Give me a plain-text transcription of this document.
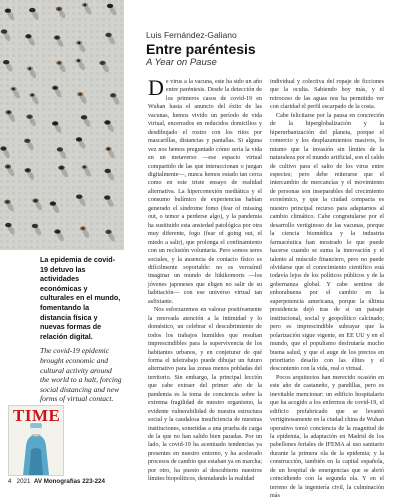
Luis Fernández-Galiano

Entre paréntesis

A Year on Pause

La epidemia de covid-19 detuvo las actividades económicas y culturales en el mundo, fomentando la distancia física y nuevas formas de relación digital.

The covid-19 epidemic brought economic and cultural activity around the world to a halt, forcing social distancing and new forms of virtual contact.

TIME

De virus a la vacuna, este ha sido un año entre paréntesis. Desde la detección de los primeros casos de covid-19 en Wuhan hasta el anuncio del éxito de las vacunas, hemos vivido un período de vida virtual, encerrados en reducidos domicilios y desdibujado el rostro con los ritos por mascarillas, distancias y pantallas. Si alguna vez nos hemos preguntado cómo sería la vida en un metaverso —ese espacio virtual compartido de las que interaccionan o juegan digitalmente—, nunca hemos estado tan cerca como en este triste ensayo de realidad alternativa. La hiperconexión mediática y el consumo bulímico de experiencias habían generado el síndrome fomo (fear of missing out, o temor a perderse algo), y la pandemia ha sustituido esta ansiedad patológica por otra muy diferente, fogo (fear of going out, el miedo a salir), que prolonga el confinamiento con un reclusión voluntaria. Pero somos seres sociales, y la ausencia de contacto físico es difícilmente soportable: no es verosímil imaginar un mundo de hikikomoris —los jóvenes japoneses que eligen no salir de su habitación— con ese universo virtual tan asfixiante.

Nos esforzaremos en valorar positivamente la renovada atención a la intimidad y lo doméstico, un celebrar el descubrimiento de todos los trabajos humildes que resultan imprescindibles para la supervivencia de los habitantes urbanos, y en conjeturar de qué forma el teletrabajo puede dibujar un futuro alternativo para las zonas menos pobladas del territorio. Sin embargo, la principal lección que cabe extraer del primer año de la pandemia es la toma de conciencia sobre la extrema fragilidad de nuestro organismo, la evidente vulnerabilidad de nuestra estructura social y la caudalosa insuficiencia de nuestras instituciones, sometidas a una prueba de carga de la que no han salido bien paradas. Por un lado, la covid-19 ha acentuado tendencias ya presentes en nuestro entorno, y ha acelerado procesos de cambio que estaban ya en marcha; por otro, ha puesto al descubierto nuestros límites biopolíticos, desnudando la realidad

individual y colectiva del ropaje de ficciones que la oculta. Sabiendo hoy más, y el retroceso de las aguas nos ha permitido ver con claridad el perfil escarpado de la costa.

Cabe felicitarse por la pausa en concreción de la hiperglobalización y la hiperurbanización del planeta, porque el comercio y los desplazamientos masivos, lo mismo que la invasión sin límites de la naturaleza por el mundo artificial, son el caldo de cultivo para el salto de los virus entre especies; pero debe reiterarse que el intercambio de mercancías y el movimiento de personas son inseparables del crecimiento económico, y que la ciudad compacta es nuestro principal recurso para adaptarnos al cambio climático. Cabe congratularse por el desarrollo vertiginoso de las vacunas, porque la ciencia biomédica y la industria farmacéutica han mostrado lo que puede hacerse cuando se suma la innovación y el talento al músculo financiero, pero no puede olvidarse que el conocimiento científico está todavía lejos de los políticos públicos y de la gobernanza global. Y cabe sentirse de enhorabuena por el cambio en la superpotencia americana, porque la última presidencia dejó tras de sí un paisaje institucional, social y geopolítico calcinado; pero es imprescindible subrayar que la polarización sigue vigente, en EE UU y en el mundo, que el populismo desfrutaría mucho buena salud, y que el auge de los precios en prioritario desafío con las élites y el descontento con la vida, real o virtual.

Pocos arquitectos han merecido ocasión en este año de castaneño, y pandillas, pero es inevitable mencionar: un edificio hospitalario que ha acogido a los enfermos de covid-19, el edificio prefabricado que se levantó vertiginosamente en la ciudad china de Wuhan operativo tomó conciencia de la magnitud de la epidemia, la adaptación en Madrid de los pabellones feriales de IFEMA al uso sanitario durante la primera ola de la epidemia; y la construcción, también en la capital española, de un hospital de emergencias que se abrió coincidiendo con la segunda ola. Y en el terreno de la ingeniería civil, la culminación más

4 2021 AV Monografías 223-224
